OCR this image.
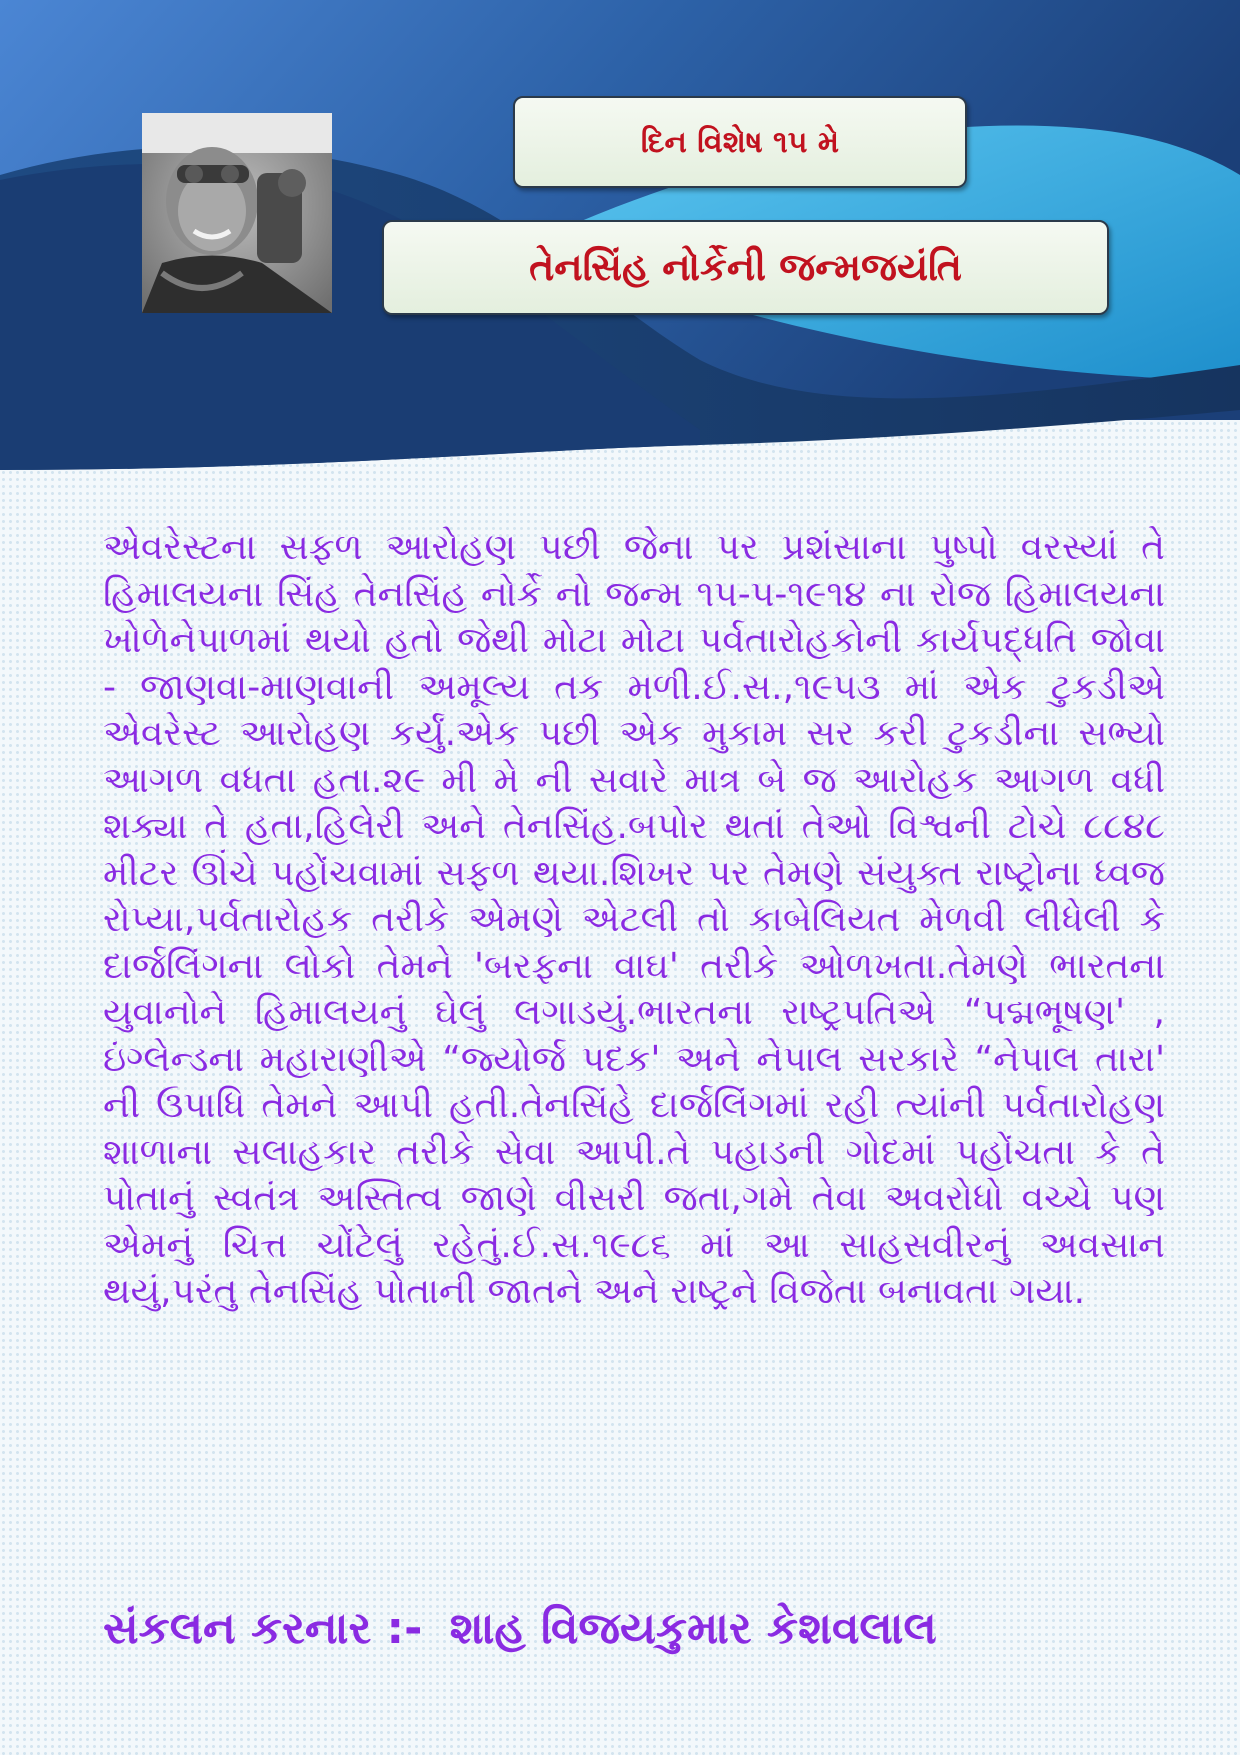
દિન વિશેષ ૧૫ મે
તેનસિંહ નોર્કેની જન્મજયંતિ

એવરેસ્ટના સફળ આરોહણ પછી જેના પર પ્રશંસાના પુષ્પો વરસ્યાં તે હિમાલયના સિંહ તેનસિંહ નોર્કે નો જન્મ ૧૫-૫-૧૯૧૪ ના રોજ હિમાલયના ખોળેનેપાળમાં થયો હતો જેથી મોટા મોટા પર્વતારોહકોની કાર્યપદ્ધતિ જોવા - જાણવા-માણવાની અમૂલ્ય તક મળી.ઈ.સ.,૧૯૫૩ માં એક ટુકડીએ એવરેસ્ટ આરોહણ કર્યું.એક પછી એક મુકામ સર કરી ટુકડીના સભ્યો આગળ વધતા હતા.૨૯ મી મે ની સવારે માત્ર બે જ આરોહક આગળ વધી શક્યા તે હતા,હિલેરી અને તેનસિંહ.બપોર થતાં તેઓ વિશ્વની ટોચે ૮૮૪૮ મીટર ઊંચે પહોંચવામાં સફળ થયા.શિખર પર તેમણે સંયુક્ત રાષ્ટ્રોના ધ્વજ રોપ્યા,પર્વતારોહક તરીકે એમણે એટલી તો કાબેલિયત મેળવી લીધેલી કે દાર્જલિંગના લોકો તેમને 'બરફના વાઘ' તરીકે ઓળખતા.તેમણે ભારતના યુવાનોને હિમાલયનું ઘેલું લગાડયું.ભારતના રાષ્ટ્રપતિએ “પદ્મભૂષણ' , ઇંગ્લેન્ડના મહારાણીએ “જ્યોર્જ પદક' અને નેપાલ સરકારે “નેપાલ તારા' ની ઉપાધિ તેમને આપી હતી.તેનસિંહે દાર્જલિંગમાં રહી ત્યાંની પર્વતારોહણ શાળાના સલાહકાર તરીકે સેવા આપી.તે પહાડની ગોદમાં પહોંચતા કે તે પોતાનું સ્વતંત્ર અસ્તિત્વ જાણે વીસરી જતા,ગમે તેવા અવરોધો વચ્ચે પણ એમનું ચિત્ત ચોંટેલું રહેતું.ઈ.સ.૧૯૮૬ માં આ સાહસવીરનું અવસાન થયું,પરંતુ તેનસિંહ પોતાની જાતને અને રાષ્ટ્રને વિજેતા બનાવતા ગયા.

સંકલન કરનાર :- શાહ વિજયકુમાર કેશવલાલ
